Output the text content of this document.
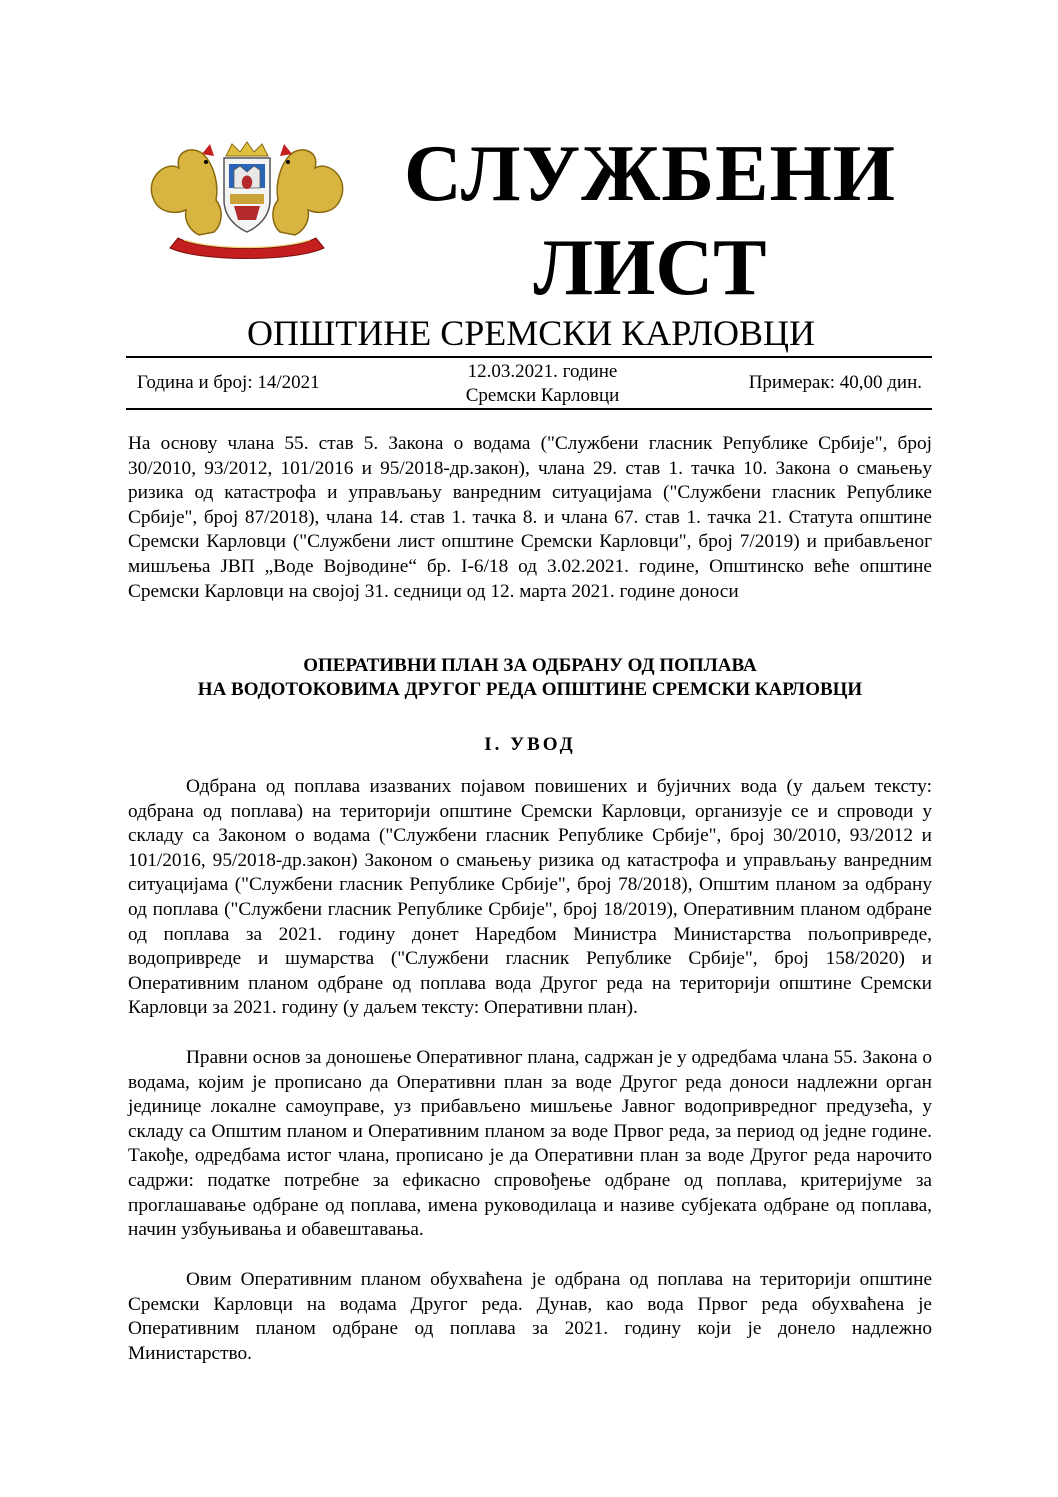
СЛУЖБЕНИ
ЛИСТ
ОПШТИНЕ СРЕМСКИ КАРЛОВЦИ
Година и број: 14/2021
12.03.2021. године
Сремски Карловци
Примерак: 40,00 дин.
На основу члана 55. став 5. Закона о водама ("Службени гласник Републике Србије", број 30/2010, 93/2012, 101/2016 и 95/2018-др.закон), члана 29. став 1. тачка 10. Закона о смањењу ризика од катастрофа и управљању ванредним ситуацијама ("Службени гласник Републике Србије", број 87/2018), члана 14. став 1. тачка 8. и члана 67. став 1. тачка 21. Статута општине Сремски Карловци ("Службени лист општине Сремски Карловци", број 7/2019) и прибављеног мишљења ЈВП „Воде Војводине“ бр. I-6/18 од 3.02.2021. године, Општинско веће општине Сремски Карловци на својој 31. седници од 12. марта 2021. године доноси
ОПЕРАТИВНИ ПЛАН ЗА ОДБРАНУ ОД ПОПЛАВА
НА ВОДОТОКОВИМА ДРУГОГ РЕДА ОПШТИНЕ СРЕМСКИ КАРЛОВЦИ
I. УВОД
Одбрана од поплава изазваних појавом повишених и бујичних вода (у даљем тексту: одбрана од поплава) на територији општине Сремски Карловци, организује се и спроводи у складу са Законом о водама ("Службени гласник Републике Србије", број 30/2010, 93/2012 и 101/2016, 95/2018-др.закон) Законом о смањењу ризика од катастрофа и управљању ванредним ситуацијама ("Службени гласник Републике Србије", број 78/2018), Општим планом за одбрану од поплава ("Службени гласник Републике Србије", број 18/2019), Оперативним планом одбране од поплава за 2021. годину донет Наредбом Министра Министарства пољопривреде, водопривреде и шумарства ("Службени гласник Републике Србије", број 158/2020) и Оперативним планом одбране од поплава вода Другог реда на територији општине Сремски Карловци за 2021. годину (у даљем тексту: Оперативни план).
Правни основ за доношење Оперативног плана, садржан је у одредбама члана 55. Закона о водама, којим је прописано да Оперативни план за воде Другог реда доноси надлежни орган јединице локалне самоуправе, уз прибављено мишљење Јавног водопривредног предузећа, у складу са Општим планом и Оперативним планом за воде Првог реда, за период од једне године. Такође, одредбама истог члана, прописано је да Оперативни план за воде Другог реда нарочито садржи: податке потребне за ефикасно спровођење одбране од поплава, критеријуме за проглашавање одбране од поплава, имена руководилаца и називе субјеката одбране од поплава, начин узбуњивања и обавештавања.
Овим Оперативним планом обухваћена је одбрана од поплава на територији општине Сремски Карловци на водама Другог реда. Дунав, као вода Првог реда обухваћена је Оперативним планом одбране од поплава за 2021. годину који је донело надлежно Министарство.
